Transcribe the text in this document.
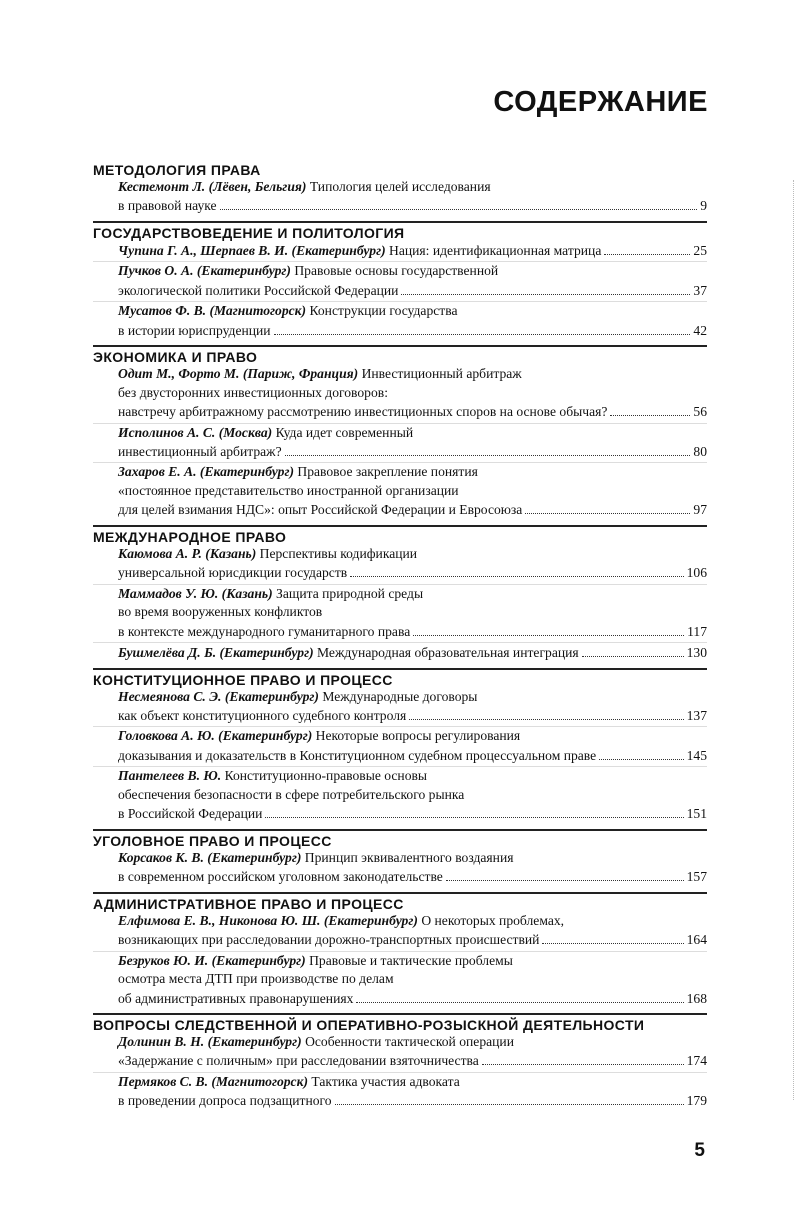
СОДЕРЖАНИЕ
МЕТОДОЛОГИЯ ПРАВА
Кестемонт Л. (Лёвен, Бельгия) Типология целей исследования
в правовой науке	9
ГОСУДАРСТВОВЕДЕНИЕ И ПОЛИТОЛОГИЯ
Чупина Г. А., Шерпаев В. И. (Екатеринбург) Нация: идентификационная матрица	25
Пучков О. А. (Екатеринбург) Правовые основы государственной
экологической политики Российской Федерации	37
Мусатов Ф. В. (Магнитогорск) Конструкции государства
в истории юриспруденции	42
ЭКОНОМИКА И ПРАВО
Одит М., Форто М. (Париж, Франция) Инвестиционный арбитраж
без двусторонних инвестиционных договоров:
навстречу арбитражному рассмотрению инвестиционных споров на основе обычая?	56
Исполинов А. С. (Москва) Куда идет современный
инвестиционный арбитраж?	80
Захаров Е. А. (Екатеринбург) Правовое закрепление понятия
«постоянное представительство иностранной организации
для целей взимания НДС»: опыт Российской Федерации и Евросоюза	97
МЕЖДУНАРОДНОЕ ПРАВО
Каюмова А. Р. (Казань) Перспективы кодификации
универсальной юрисдикции государств	106
Маммадов У. Ю. (Казань) Защита природной среды
во время вооруженных конфликтов
в контексте международного гуманитарного права	117
Бушмелёва Д. Б. (Екатеринбург) Международная образовательная интеграция	130
КОНСТИТУЦИОННОЕ ПРАВО И ПРОЦЕСС
Несмеянова С. Э. (Екатеринбург) Международные договоры
как объект конституционного судебного контроля	137
Головкова А. Ю. (Екатеринбург) Некоторые вопросы регулирования
доказывания и доказательств в Конституционном судебном процессуальном праве	145
Пантелеев В. Ю. Конституционно-правовые основы
обеспечения безопасности в сфере потребительского рынка
в Российской Федерации	151
УГОЛОВНОЕ ПРАВО И ПРОЦЕСС
Корсаков К. В. (Екатеринбург) Принцип эквивалентного воздаяния
в современном российском уголовном законодательстве	157
АДМИНИСТРАТИВНОЕ ПРАВО И ПРОЦЕСС
Елфимова Е. В., Никонова Ю. Ш. (Екатеринбург) О некоторых проблемах,
возникающих при расследовании дорожно-транспортных происшествий	164
Безруков Ю. И. (Екатеринбург) Правовые и тактические проблемы
осмотра места ДТП при производстве по делам
об административных правонарушениях	168
ВОПРОСЫ СЛЕДСТВЕННОЙ И ОПЕРАТИВНО-РОЗЫСКНОЙ ДЕЯТЕЛЬНОСТИ
Долинин В. Н. (Екатеринбург) Особенности тактической операции
«Задержание с поличным» при расследовании взяточничества	174
Пермяков С. В. (Магнитогорск) Тактика участия адвоката
в проведении допроса подзащитного	179
5
